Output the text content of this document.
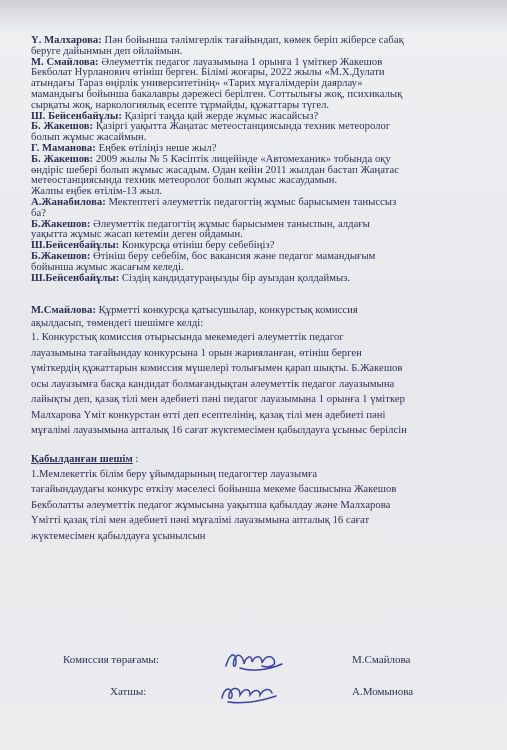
Ү. Малхарова: Пән бойынша тәлімгерлік тағайындап, көмек беріп жіберсе сабақ
беруге дайынмын деп ойлаймын.
М. Смайлова: Әлеуметтік педагог лауазымына 1 орынға 1 үміткер Жакешов
Бекболат Нурланович өтініш берген. Білімі жоғары, 2022 жылы «М.Х.Дулати
атындағы Тараз өңірлік университетінің» «Тарих мұғалімдерін даярлау»
мамандығы бойынша бакалавры дәрежесі берілген. Соттылығы жоқ, психикалық
сырқаты жоқ, наркологиялық есепте тұрмайды, құжаттары түгел.
Ш. Бейсенбайұлы: Қазіргі таңда қай жерде жұмыс жасайсыз?
Б. Жакешов: Қазіргі уақытта Жаңатас метеостанциясында техник метеоролог
болып жұмыс жасаймын.
Г. Маманова: Еңбек өтіліңіз неше жыл?
Б. Жакешов: 2009 жылы № 5 Кәсіптік лицейінде «Автомеханик» тобында оқу
өндіріс шебері болып жұмыс жасадым. Одан кейін 2011 жылдан бастап Жаңатас
метеостанциясында техник метеоролог болып жұмыс жасаудамын.
Жалпы еңбек өтілім-13 жыл.
А.Жанабилова: Мектептегі әлеуметтік педагогтің жұмыс барысымен таныссыз
ба?
Б.Жакешов: Әлеуметтік педагогтің жұмыс барысымен таныспын, алдағы
уақытта жұмыс жасап кетемін деген ойдамын.
Ш.Бейсенбайұлы: Конкурсқа өтініш беру себебіңіз?
Б.Жакешов: Өтініш беру себебім, бос вакансия және педагог мамандығым
бойынша жұмыс жасағым келеді.
Ш.Бейсенбайұлы: Сіздің кандидатураңызды бір ауыздан қолдаймыз.
М.Смайлова: Құрметті конкурсқа қатысушылар, конкурстық комиссия
ақылдасып, төмендегі шешімге келді:
1. Конкурстық комиссия отырысында мекемедегі әлеуметтік педагог
лауазымына тағайындау конкурсына 1 орын жарияланған, өтініш берген
үміткердің құжаттарын комиссия мүшелері толығымен қарап шықты. Б.Жакешов
осы лауазымға басқа кандидат болмағандықтан әлеуметтік педагог лауазымына
лайықты деп, қазақ тілі мен әдебиеті пәні педагог лауазымына 1 орынға 1 үміткер
Малхарова Үміт конкурстан өтті деп есептелінің, қазақ тілі мен әдебиеті пәні
мұғалімі лауазымына апталық 16 сағат жүктемесімен қабылдауға ұсыныс берілсін
Қабылданған шешім :
1.Мемлекеттік білім беру ұйымдарының педагогтер лауазымға
тағайындаудағы конкурс өткізу мәселесі бойынша мекеме басшысына Жакешов
Бекболатты әлеуметтік педагог жұмысына уақытша қабылдау және Малхарова
Үмітті қазақ тілі мен әдебиеті пәні мұғалімі лауазымына апталық 16 сағат
жүктемесімен қабылдауға ұсынылсын
Комиссия төрағамы:	М.Смайлова
Хатшы:	А.Момынова
